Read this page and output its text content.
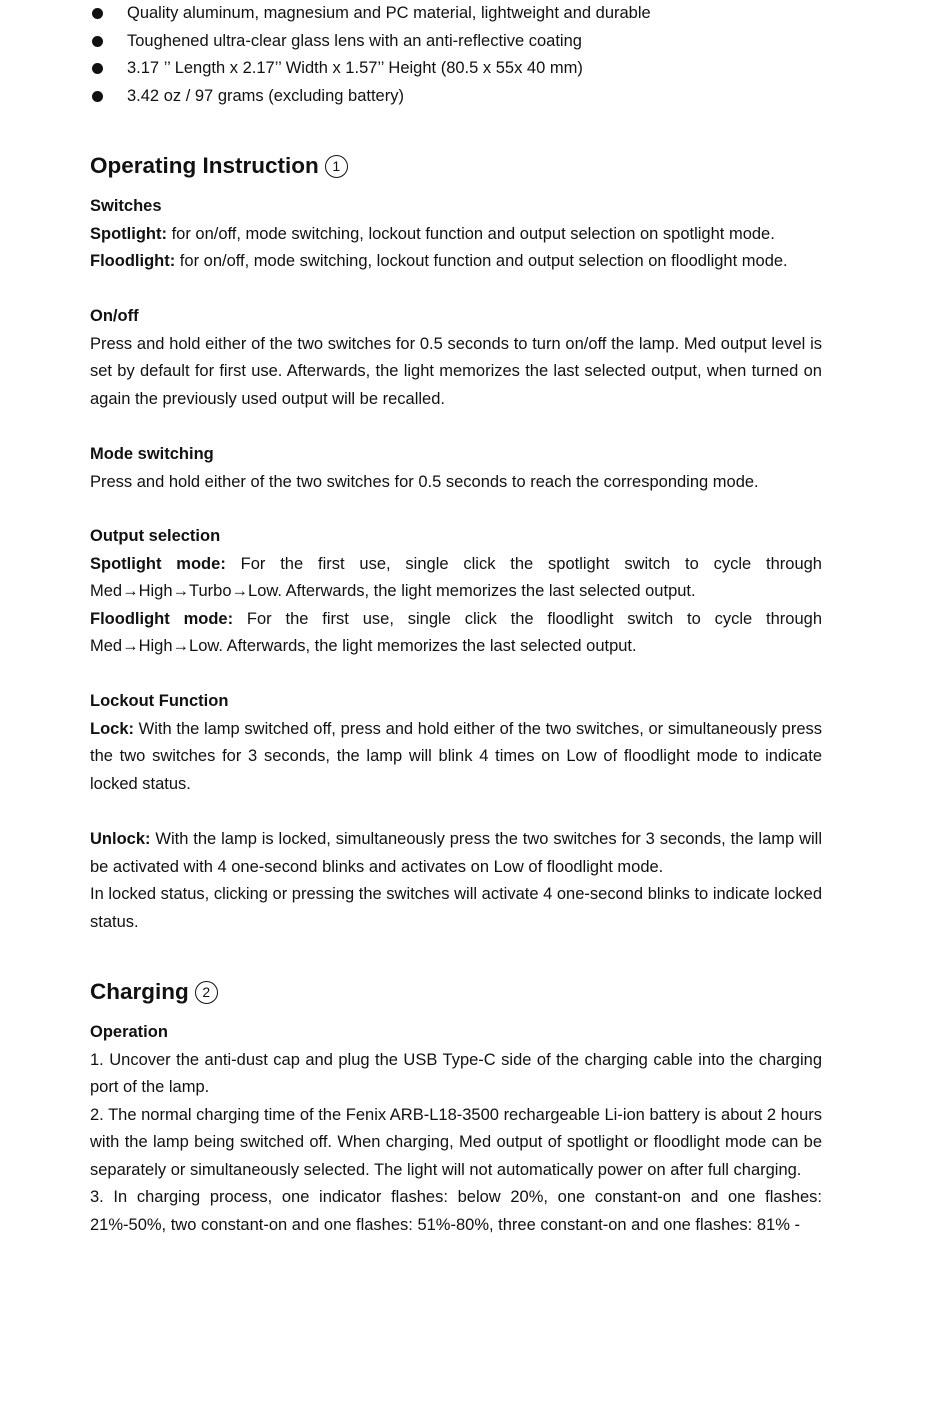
Quality aluminum, magnesium and PC material, lightweight and durable
Toughened ultra-clear glass lens with an anti-reflective coating
3.17 ’’ Length x 2.17’’ Width x 1.57’’ Height (80.5 x 55x 40 mm)
3.42 oz / 97 grams (excluding battery)
Operating Instruction 1
Switches
Spotlight: for on/off, mode switching, lockout function and output selection on spotlight mode.
Floodlight: for on/off, mode switching, lockout function and output selection on floodlight mode.
On/off
Press and hold either of the two switches for 0.5 seconds to turn on/off the lamp. Med output level is set by default for first use. Afterwards, the light memorizes the last selected output, when turned on again the previously used output will be recalled.
Mode switching
Press and hold either of the two switches for 0.5 seconds to reach the corresponding mode.
Output selection
Spotlight mode: For the first use, single click the spotlight switch to cycle through Med→High→Turbo→Low. Afterwards, the light memorizes the last selected output.
Floodlight mode: For the first use, single click the floodlight switch to cycle through Med→High→Low. Afterwards, the light memorizes the last selected output.
Lockout Function
Lock: With the lamp switched off, press and hold either of the two switches, or simultaneously press the two switches for 3 seconds, the lamp will blink 4 times on Low of floodlight mode to indicate locked status.
Unlock: With the lamp is locked, simultaneously press the two switches for 3 seconds, the lamp will be activated with 4 one-second blinks and activates on Low of floodlight mode.
In locked status, clicking or pressing the switches will activate 4 one-second blinks to indicate locked status.
Charging 2
Operation
1. Uncover the anti-dust cap and plug the USB Type-C side of the charging cable into the charging port of the lamp.
2. The normal charging time of the Fenix ARB-L18-3500 rechargeable Li-ion battery is about 2 hours with the lamp being switched off. When charging, Med output of spotlight or floodlight mode can be separately or simultaneously selected. The light will not automatically power on after full charging.
3. In charging process, one indicator flashes: below 20%, one constant-on and one flashes: 21%-50%, two constant-on and one flashes: 51%-80%, three constant-on and one flashes: 81% -
